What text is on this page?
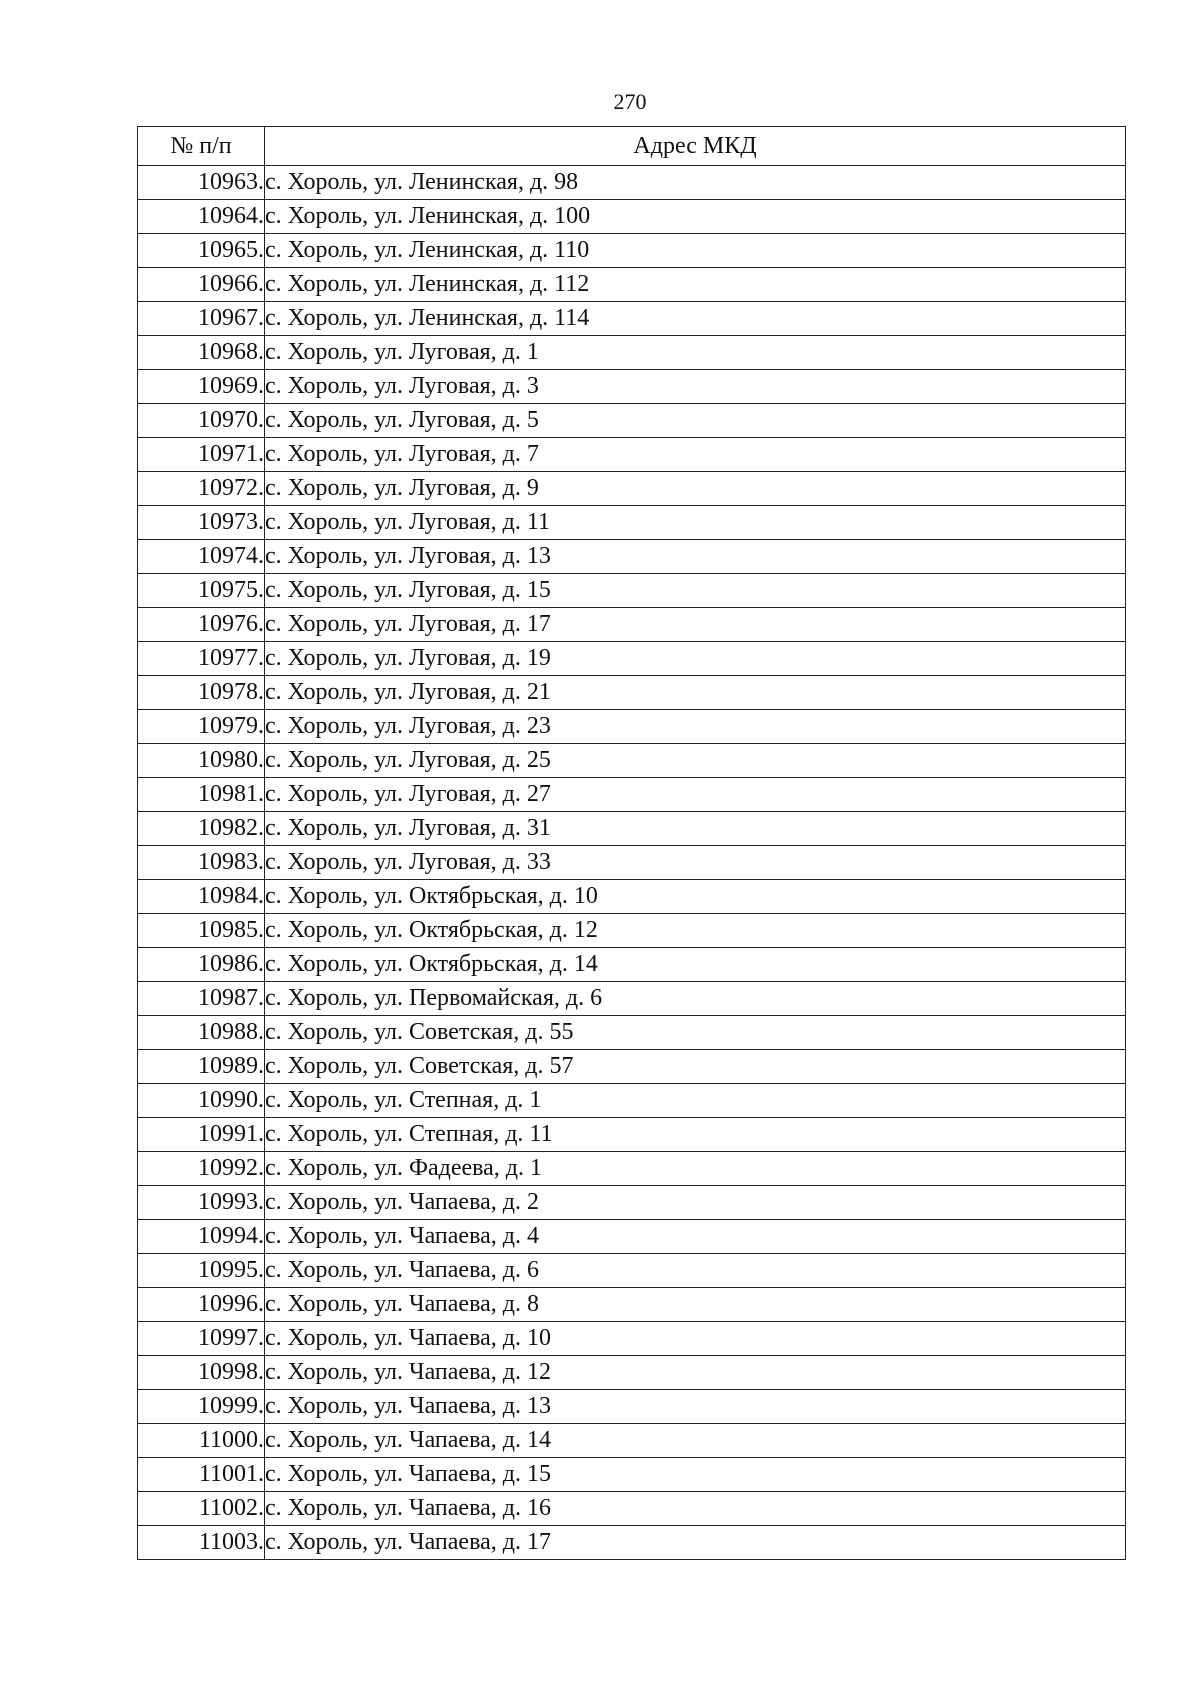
270
№ п/п	Адрес МКД
10963.	с. Хороль, ул. Ленинская, д. 98
10964.	с. Хороль, ул. Ленинская, д. 100
10965.	с. Хороль, ул. Ленинская, д. 110
10966.	с. Хороль, ул. Ленинская, д. 112
10967.	с. Хороль, ул. Ленинская, д. 114
10968.	с. Хороль, ул. Луговая, д. 1
10969.	с. Хороль, ул. Луговая, д. 3
10970.	с. Хороль, ул. Луговая, д. 5
10971.	с. Хороль, ул. Луговая, д. 7
10972.	с. Хороль, ул. Луговая, д. 9
10973.	с. Хороль, ул. Луговая, д. 11
10974.	с. Хороль, ул. Луговая, д. 13
10975.	с. Хороль, ул. Луговая, д. 15
10976.	с. Хороль, ул. Луговая, д. 17
10977.	с. Хороль, ул. Луговая, д. 19
10978.	с. Хороль, ул. Луговая, д. 21
10979.	с. Хороль, ул. Луговая, д. 23
10980.	с. Хороль, ул. Луговая, д. 25
10981.	с. Хороль, ул. Луговая, д. 27
10982.	с. Хороль, ул. Луговая, д. 31
10983.	с. Хороль, ул. Луговая, д. 33
10984.	с. Хороль, ул. Октябрьская, д. 10
10985.	с. Хороль, ул. Октябрьская, д. 12
10986.	с. Хороль, ул. Октябрьская, д. 14
10987.	с. Хороль, ул. Первомайская, д. 6
10988.	с. Хороль, ул. Советская, д. 55
10989.	с. Хороль, ул. Советская, д. 57
10990.	с. Хороль, ул. Степная, д. 1
10991.	с. Хороль, ул. Степная, д. 11
10992.	с. Хороль, ул. Фадеева, д. 1
10993.	с. Хороль, ул. Чапаева, д. 2
10994.	с. Хороль, ул. Чапаева, д. 4
10995.	с. Хороль, ул. Чапаева, д. 6
10996.	с. Хороль, ул. Чапаева, д. 8
10997.	с. Хороль, ул. Чапаева, д. 10
10998.	с. Хороль, ул. Чапаева, д. 12
10999.	с. Хороль, ул. Чапаева, д. 13
11000.	с. Хороль, ул. Чапаева, д. 14
11001.	с. Хороль, ул. Чапаева, д. 15
11002.	с. Хороль, ул. Чапаева, д. 16
11003.	с. Хороль, ул. Чапаева, д. 17
